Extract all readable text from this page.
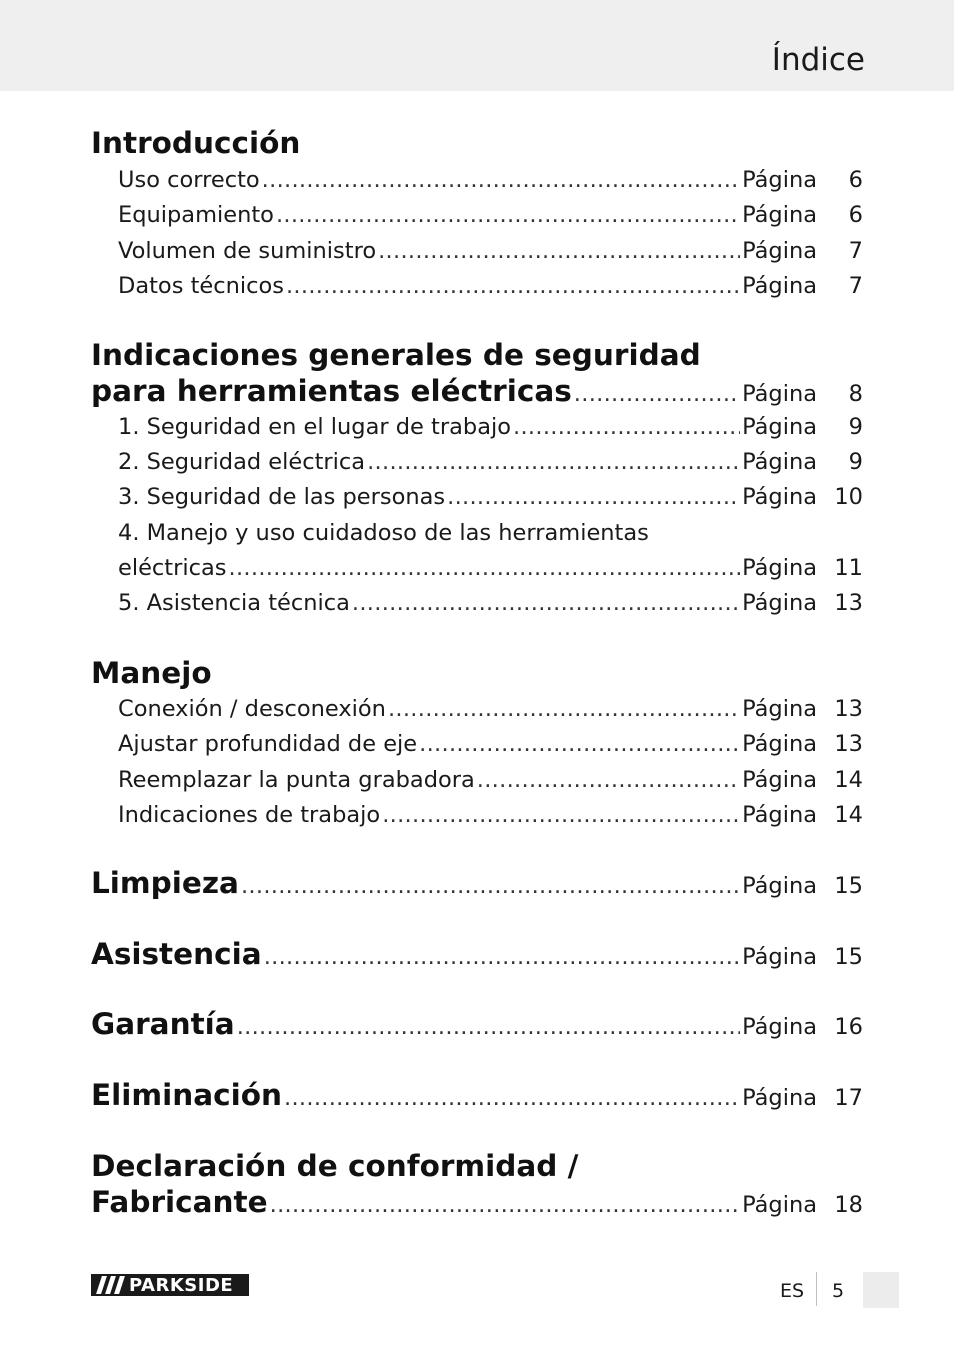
Índice
Introducción
Uso correcto .....	Página	6
Equipamiento .....	Página	6
Volumen de suministro .....	Página	7
Datos técnicos .....	Página	7
Indicaciones generales de seguridad
para herramientas eléctricas .....	Página	8
1. Seguridad en el lugar de trabajo .....	Página	9
2. Seguridad eléctrica .....	Página	9
3. Seguridad de las personas .....	Página 10
4. Manejo y uso cuidadoso de las herramientas
eléctricas .....	Página 11
5. Asistencia técnica .....	Página 13
Manejo
Conexión / desconexión .....	Página 13
Ajustar profundidad de eje .....	Página 13
Reemplazar la punta grabadora .....	Página 14
Indicaciones de trabajo .....	Página 14
Limpieza .....	Página 15
Asistencia .....	Página 15
Garantía .....	Página 16
Eliminación .....	Página 17
Declaración de conformidad /
Fabricante .....	Página 18
PARKSIDE	ES 5
